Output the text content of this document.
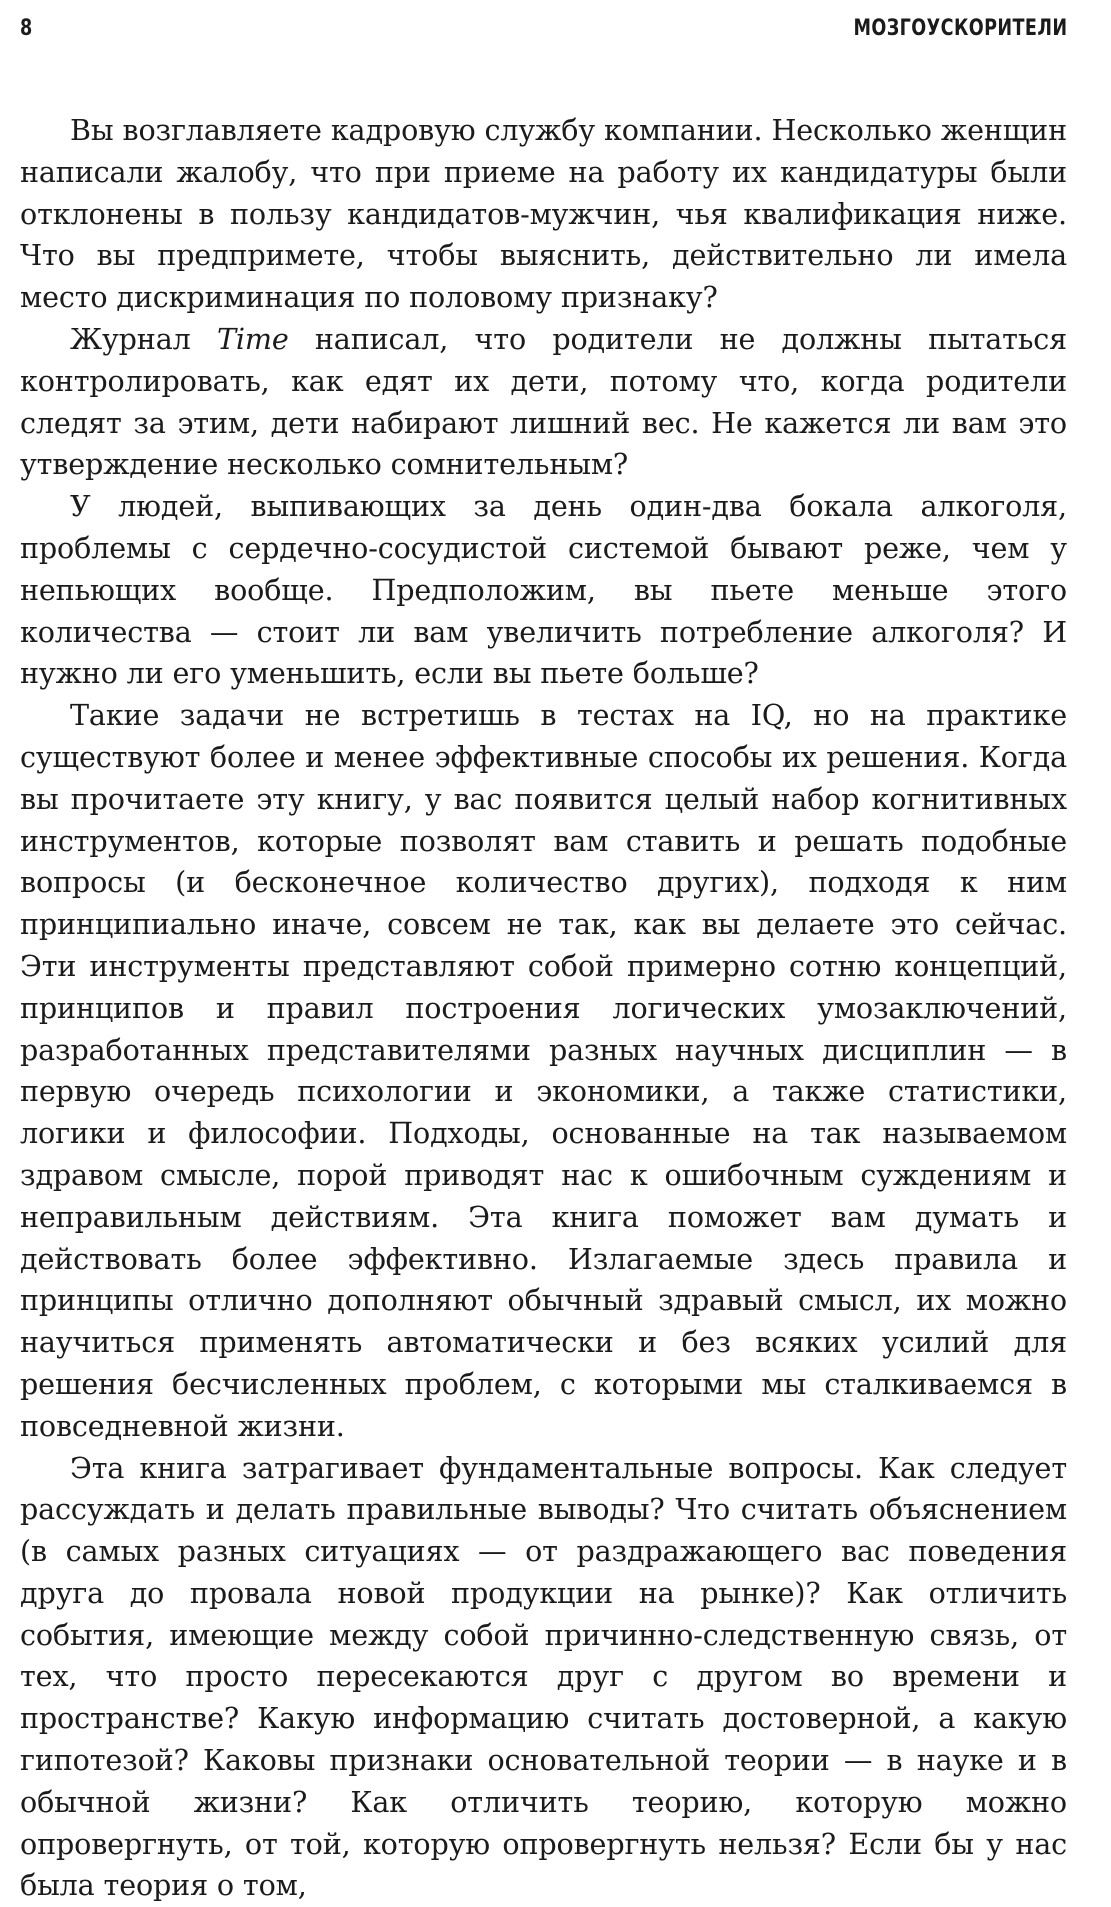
8	МОЗГОУСКОРИТЕЛИ

Вы возглавляете кадровую службу компании. Несколько женщин написали жалобу, что при приеме на работу их кандидатуры были отклонены в пользу кандидатов-мужчин, чья квалификация ниже. Что вы предпримете, чтобы выяснить, действительно ли имела место дискриминация по половому признаку?

Журнал Time написал, что родители не должны пытаться контролировать, как едят их дети, потому что, когда родители следят за этим, дети набирают лишний вес. Не кажется ли вам это утверждение несколько сомнительным?

У людей, выпивающих за день один-два бокала алкоголя, проблемы с сердечно-сосудистой системой бывают реже, чем у непьющих вообще. Предположим, вы пьете меньше этого количества — стоит ли вам увеличить потребление алкоголя? И нужно ли его уменьшить, если вы пьете больше?

Такие задачи не встретишь в тестах на IQ, но на практике существуют более и менее эффективные способы их решения. Когда вы прочитаете эту книгу, у вас появится целый набор когнитивных инструментов, которые позволят вам ставить и решать подобные вопросы (и бесконечное количество других), подходя к ним принципиально иначе, совсем не так, как вы делаете это сейчас. Эти инструменты представляют собой примерно сотню концепций, принципов и правил построения логических умозаключений, разработанных представителями разных научных дисциплин — в первую очередь психологии и экономики, а также статистики, логики и философии. Подходы, основанные на так называемом здравом смысле, порой приводят нас к ошибочным суждениям и неправильным действиям. Эта книга поможет вам думать и действовать более эффективно. Излагаемые здесь правила и принципы отлично дополняют обычный здравый смысл, их можно научиться применять автоматически и без всяких усилий для решения бесчисленных проблем, с которыми мы сталкиваемся в повседневной жизни.

Эта книга затрагивает фундаментальные вопросы. Как следует рассуждать и делать правильные выводы? Что считать объяснением (в самых разных ситуациях — от раздражающего вас поведения друга до провала новой продукции на рынке)? Как отличить события, имеющие между собой причинно-следственную связь, от тех, что просто пересекаются друг с другом во времени и пространстве? Какую информацию считать достоверной, а какую гипотезой? Каковы признаки основательной теории — в науке и в обычной жизни? Как отличить теорию, которую можно опровергнуть, от той, которую опровергнуть нельзя? Если бы у нас была теория о том,
